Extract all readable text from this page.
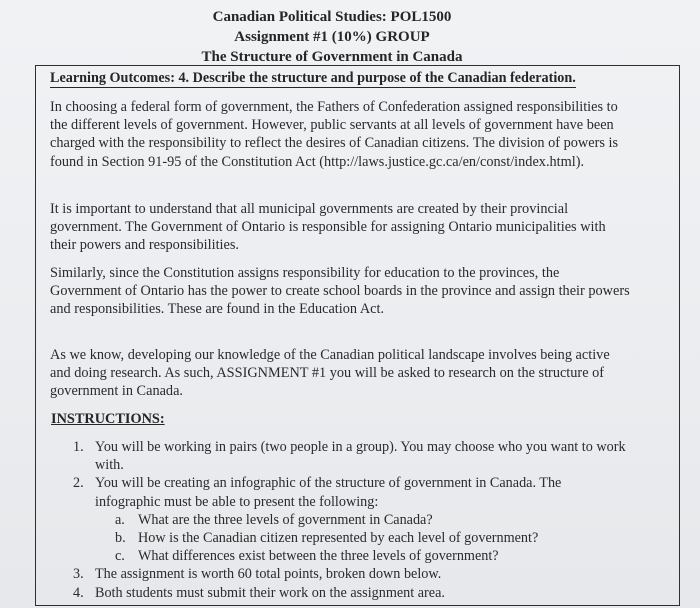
Canadian Political Studies: POL1500
Assignment #1 (10%) GROUP
The Structure of Government in Canada
Learning Outcomes: 4. Describe the structure and purpose of the Canadian federation.
In choosing a federal form of government, the Fathers of Confederation assigned responsibilities to the different levels of government. However, public servants at all levels of government have been charged with the responsibility to reflect the desires of Canadian citizens. The division of powers is found in Section 91-95 of the Constitution Act (http://laws.justice.gc.ca/en/const/index.html).
It is important to understand that all municipal governments are created by their provincial government. The Government of Ontario is responsible for assigning Ontario municipalities with their powers and responsibilities.
Similarly, since the Constitution assigns responsibility for education to the provinces, the Government of Ontario has the power to create school boards in the province and assign their powers and responsibilities. These are found in the Education Act.
As we know, developing our knowledge of the Canadian political landscape involves being active and doing research. As such, ASSIGNMENT #1 you will be asked to research on the structure of government in Canada.
INSTRUCTIONS:
1. You will be working in pairs (two people in a group). You may choose who you want to work with.
2. You will be creating an infographic of the structure of government in Canada. The infographic must be able to present the following:
a. What are the three levels of government in Canada?
b. How is the Canadian citizen represented by each level of government?
c. What differences exist between the three levels of government?
3. The assignment is worth 60 total points, broken down below.
4. Both students must submit their work on the assignment area.
